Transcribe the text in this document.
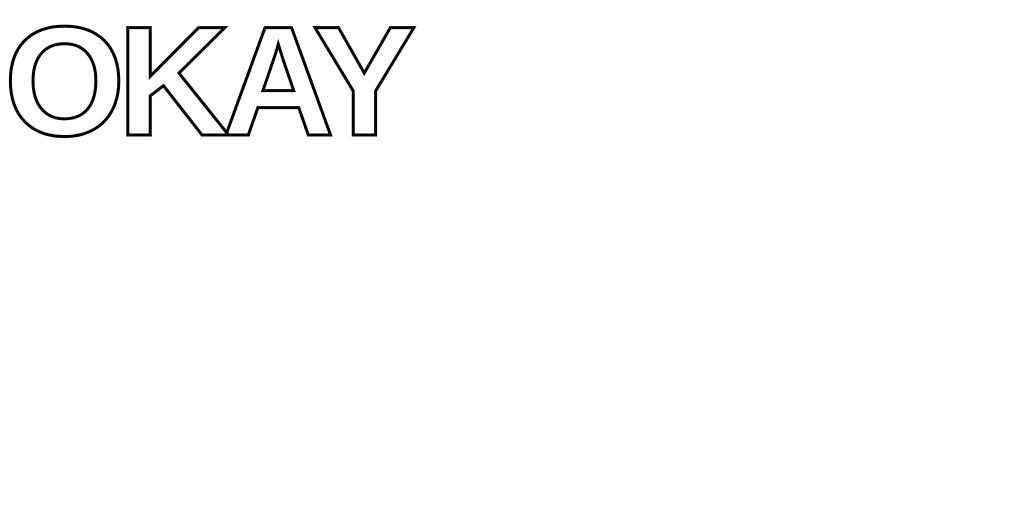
OKAY
